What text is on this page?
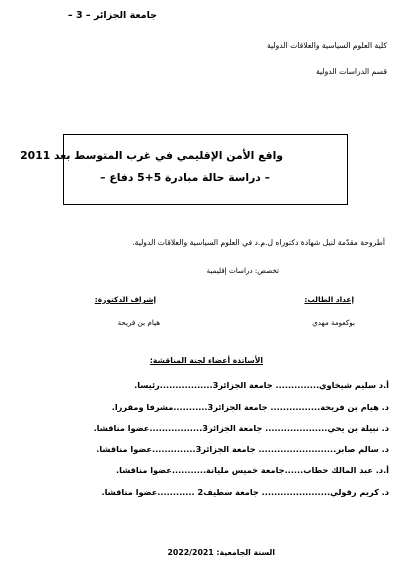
جامعة الجزائر – 3 –
كلية العلوم السياسية والعلاقات الدولية
قسم الدراسات الدولية
واقع الأمن الإقليمي في غرب المتوسط بعد 2011
– دراسة حالة مبادرة 5+5 دفاع –
أطروحة مقدّمة لنيل شهادة دكتوراه ل.م.د في العلوم السياسية والعلاقات الدولية.
تخصص: دراسات إقليمية
إعداد الطالب:
إشراف الدكتورة:
بوكعومة مهدي
هيام بن فريحة
الأساتذة أعضاء لجنة المناقشة:
أ.د سليم شيخاوي.............. جامعة الجزائر3.................رئيسا.
د. هيام بن فريحة................ جامعة الجزائر3...........مشرفا ومقررا.
د. نبيلة بن يحي.................... جامعة الجزائر3.................عضوا مناقشا.
د. سالم صابر......................... جامعة الجزائر3..............عضوا مناقشا.
أ.د. عبد المالك حطاب......جامعة خميس مليانة...........عضوا مناقشا.
د. كريم رقولي...................... جامعة سطيف2 ............عضوا مناقشا.
السنة الجامعية: 2022/2021
